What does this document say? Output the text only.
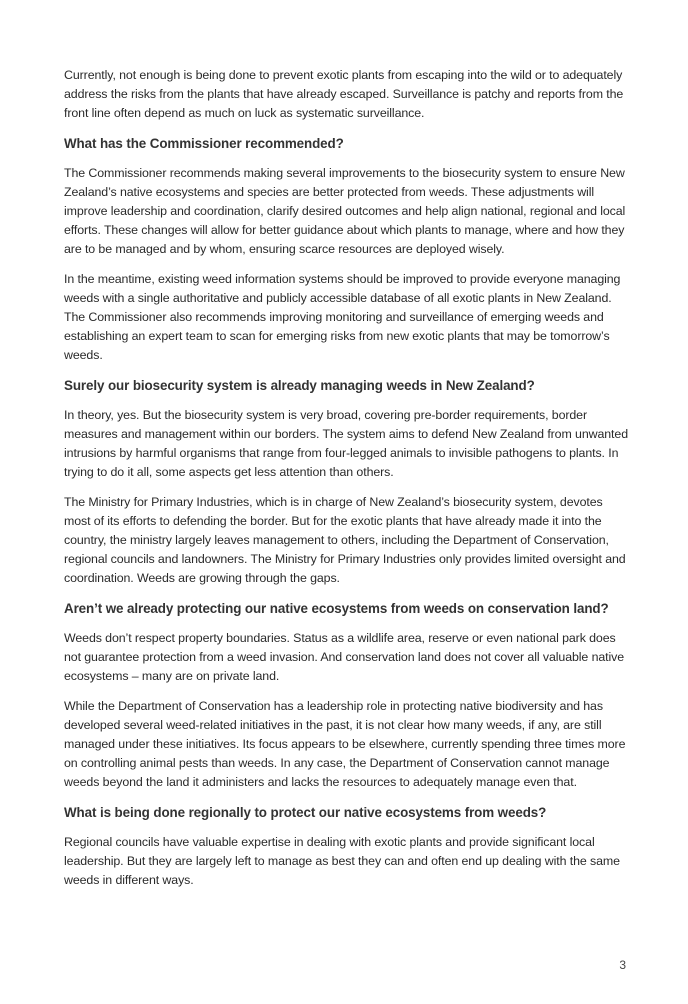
Currently, not enough is being done to prevent exotic plants from escaping into the wild or to adequately address the risks from the plants that have already escaped. Surveillance is patchy and reports from the front line often depend as much on luck as systematic surveillance.

What has the Commissioner recommended?

The Commissioner recommends making several improvements to the biosecurity system to ensure New Zealand’s native ecosystems and species are better protected from weeds. These adjustments will improve leadership and coordination, clarify desired outcomes and help align national, regional and local efforts. These changes will allow for better guidance about which plants to manage, where and how they are to be managed and by whom, ensuring scarce resources are deployed wisely.

In the meantime, existing weed information systems should be improved to provide everyone managing weeds with a single authoritative and publicly accessible database of all exotic plants in New Zealand. The Commissioner also recommends improving monitoring and surveillance of emerging weeds and establishing an expert team to scan for emerging risks from new exotic plants that may be tomorrow’s weeds.

Surely our biosecurity system is already managing weeds in New Zealand?

In theory, yes. But the biosecurity system is very broad, covering pre-border requirements, border measures and management within our borders. The system aims to defend New Zealand from unwanted intrusions by harmful organisms that range from four-legged animals to invisible pathogens to plants. In trying to do it all, some aspects get less attention than others.

The Ministry for Primary Industries, which is in charge of New Zealand’s biosecurity system, devotes most of its efforts to defending the border. But for the exotic plants that have already made it into the country, the ministry largely leaves management to others, including the Department of Conservation, regional councils and landowners. The Ministry for Primary Industries only provides limited oversight and coordination. Weeds are growing through the gaps.

Aren’t we already protecting our native ecosystems from weeds on conservation land?

Weeds don’t respect property boundaries. Status as a wildlife area, reserve or even national park does not guarantee protection from a weed invasion. And conservation land does not cover all valuable native ecosystems – many are on private land.

While the Department of Conservation has a leadership role in protecting native biodiversity and has developed several weed-related initiatives in the past, it is not clear how many weeds, if any, are still managed under these initiatives. Its focus appears to be elsewhere, currently spending three times more on controlling animal pests than weeds. In any case, the Department of Conservation cannot manage weeds beyond the land it administers and lacks the resources to adequately manage even that.

What is being done regionally to protect our native ecosystems from weeds?

Regional councils have valuable expertise in dealing with exotic plants and provide significant local leadership. But they are largely left to manage as best they can and often end up dealing with the same weeds in different ways.

3
